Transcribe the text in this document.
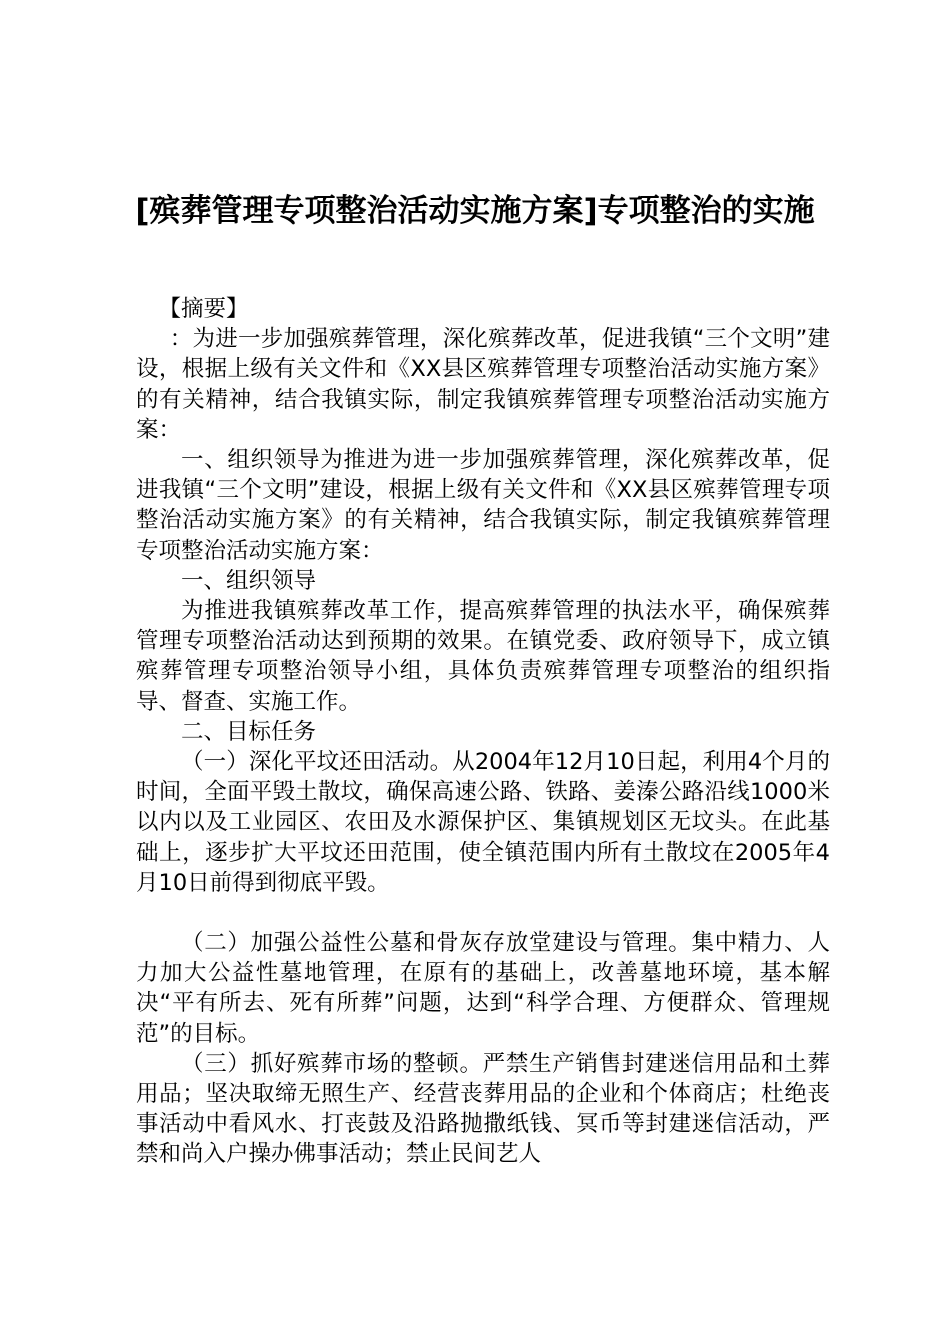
[殡葬管理专项整治活动实施方案]专项整治的实施

【摘要】

：为进一步加强殡葬管理，深化殡葬改革，促进我镇“三个文明”建设，根据上级有关文件和《XX县区殡葬管理专项整治活动实施方案》的有关精神，结合我镇实际，制定我镇殡葬管理专项整治活动实施方案：

一、组织领导为推进为进一步加强殡葬管理，深化殡葬改革，促进我镇“三个文明”建设，根据上级有关文件和《XX县区殡葬管理专项整治活动实施方案》的有关精神，结合我镇实际，制定我镇殡葬管理专项整治活动实施方案：

一、组织领导

为推进我镇殡葬改革工作，提高殡葬管理的执法水平，确保殡葬管理专项整治活动达到预期的效果。在镇党委、政府领导下，成立镇殡葬管理专项整治领导小组，具体负责殡葬管理专项整治的组织指导、督查、实施工作。

二、目标任务

（一）深化平坟还田活动。从2004年12月10日起，利用4个月的时间，全面平毁土散坟，确保高速公路、铁路、姜溱公路沿线1000米以内以及工业园区、农田及水源保护区、集镇规划区无坟头。在此基础上，逐步扩大平坟还田范围，使全镇范围内所有土散坟在2005年4月10日前得到彻底平毁。

（二）加强公益性公墓和骨灰存放堂建设与管理。集中精力、人力加大公益性墓地管理，在原有的基础上，改善墓地环境，基本解决“平有所去、死有所葬”问题，达到“科学合理、方便群众、管理规范”的目标。

（三）抓好殡葬市场的整顿。严禁生产销售封建迷信用品和土葬用品；坚决取缔无照生产、经营丧葬用品的企业和个体商店；杜绝丧事活动中看风水、打丧鼓及沿路抛撒纸钱、冥币等封建迷信活动，严禁和尚入户操办佛事活动；禁止民间艺人
